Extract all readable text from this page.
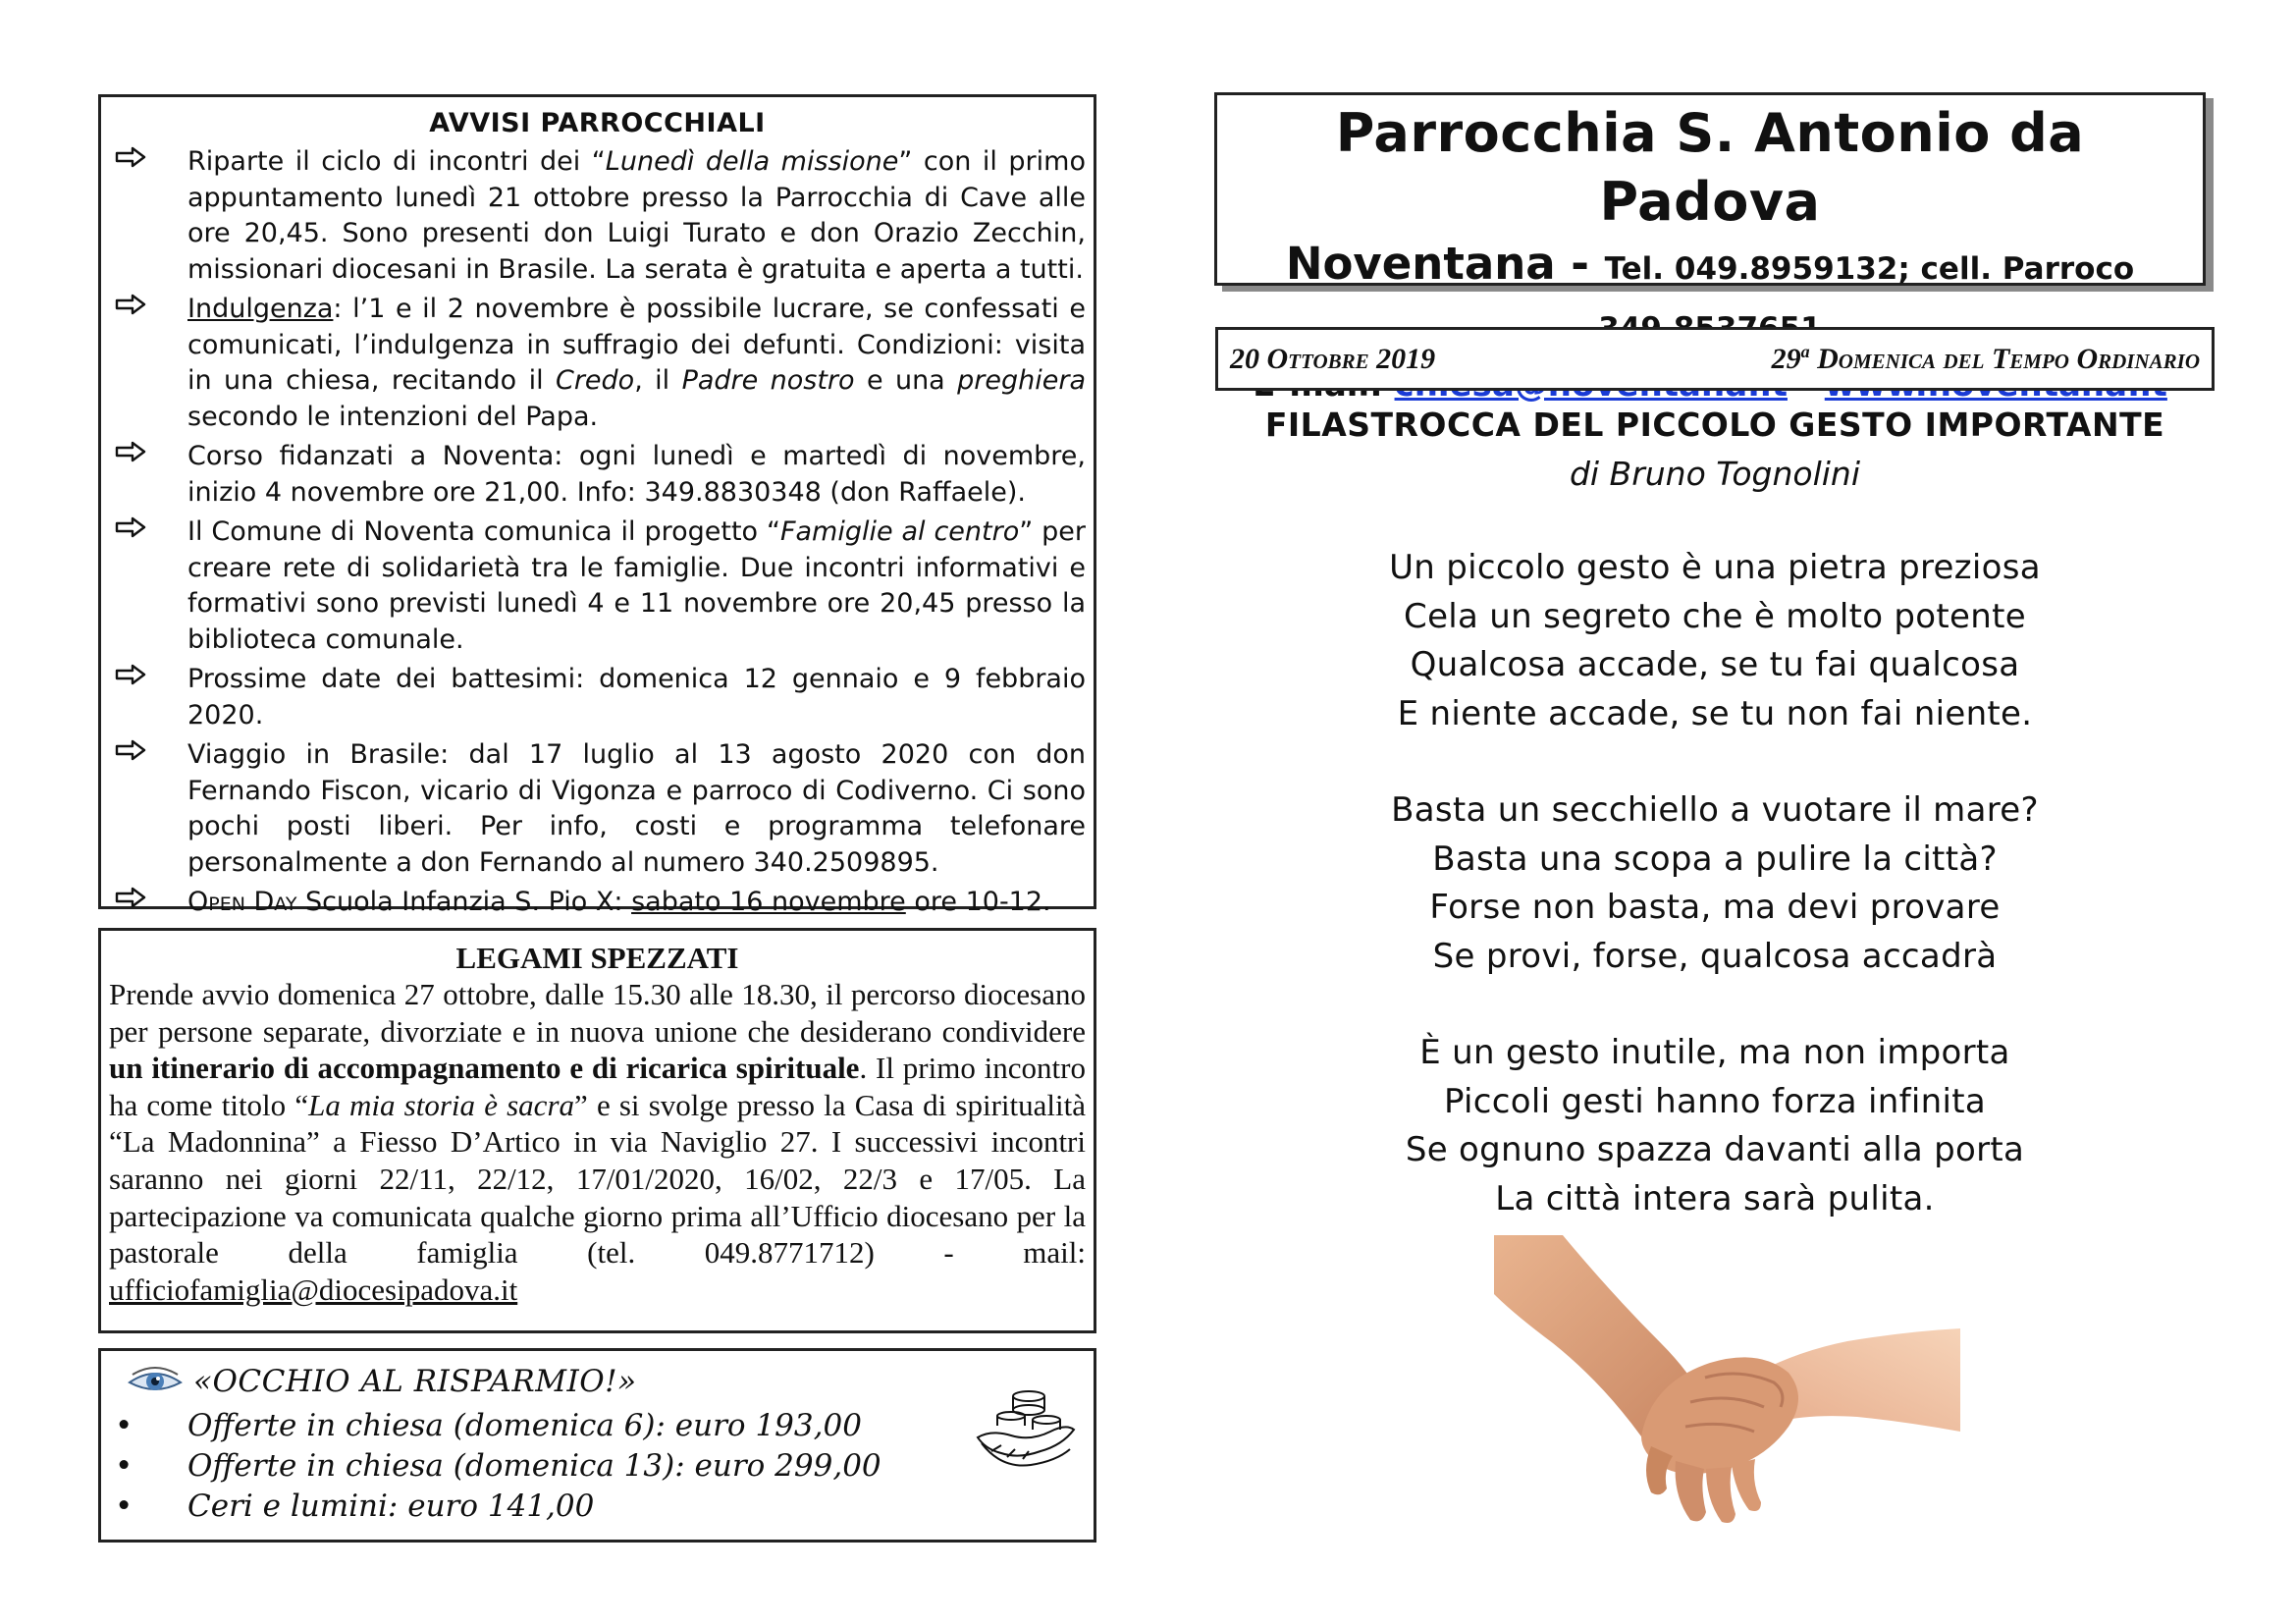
AVVISI PARROCCHIALI
Riparte il ciclo di incontri dei “Lunedì della missione” con il primo appuntamento lunedì 21 ottobre presso la Parrocchia di Cave alle ore 20,45. Sono presenti don Luigi Turato e don Orazio Zecchin, missionari diocesani in Brasile. La serata è gratuita e aperta a tutti.
Indulgenza: l’1 e il 2 novembre è possibile lucrare, se confessati e comunicati, l’indulgenza in suffragio dei defunti. Condizioni: visita in una chiesa, recitando il Credo, il Padre nostro e una preghiera secondo le intenzioni del Papa.
Corso fidanzati a Noventa: ogni lunedì e martedì di novembre, inizio 4 novembre ore 21,00. Info: 349.8830348 (don Raffaele).
Il Comune di Noventa comunica il progetto “Famiglie al centro” per creare rete di solidarietà tra le famiglie. Due incontri informativi e formativi sono previsti lunedì 4 e 11 novembre ore 20,45 presso la biblioteca comunale.
Prossime date dei battesimi: domenica 12 gennaio e 9 febbraio 2020.
Viaggio in Brasile: dal 17 luglio al 13 agosto 2020 con don Fernando Fiscon, vicario di Vigonza e parroco di Codiverno. Ci sono pochi posti liberi. Per info, costi e programma telefonare personalmente a don Fernando al numero 340.2509895.
Open Day Scuola Infanzia S. Pio X: sabato 16 novembre ore 10-12.
LEGAMI SPEZZATI
Prende avvio domenica 27 ottobre, dalle 15.30 alle 18.30, il percorso diocesano per persone separate, divorziate e in nuova unione che desiderano condividere un itinerario di accompagnamento e di ricarica spirituale. Il primo incontro ha come titolo “La mia storia è sacra” e si svolge presso la Casa di spiritualità “La Madonnina” a Fiesso D’Artico in via Naviglio 27. I successivi incontri saranno nei giorni 22/11, 22/12, 17/01/2020, 16/02, 22/3 e 17/05. La partecipazione va comunicata qualche giorno prima all’Ufficio diocesano per la pastorale della famiglia (tel. 049.8771712) - mail: ufficiofamiglia@diocesipadova.it
«OCCHIO AL RISPARMIO!»
•	Offerte in chiesa (domenica 6): euro 193,00
•	Offerte in chiesa (domenica 13): euro 299,00
•	Ceri e lumini: euro 141,00
Parrocchia S. Antonio da Padova
Noventana - Tel. 049.8959132; cell. Parroco
20 Ottobre 2019	29$^a$ Domenica del Tempo Ordinario
FILASTROCCA DEL PICCOLO GESTO IMPORTANTE
di Bruno Tognolini
Un piccolo gesto è una pietra preziosa
Cela un segreto che è molto potente
Qualcosa accade, se tu fai qualcosa
E niente accade, se tu non fai niente.
Basta un secchiello a vuotare il mare?
Basta una scopa a pulire la città?
Forse non basta, ma devi provare
Se provi, forse, qualcosa accadrà
È un gesto inutile, ma non importa
Piccoli gesti hanno forza infinita
Se ognuno spazza davanti alla porta
La città intera sarà pulita.
